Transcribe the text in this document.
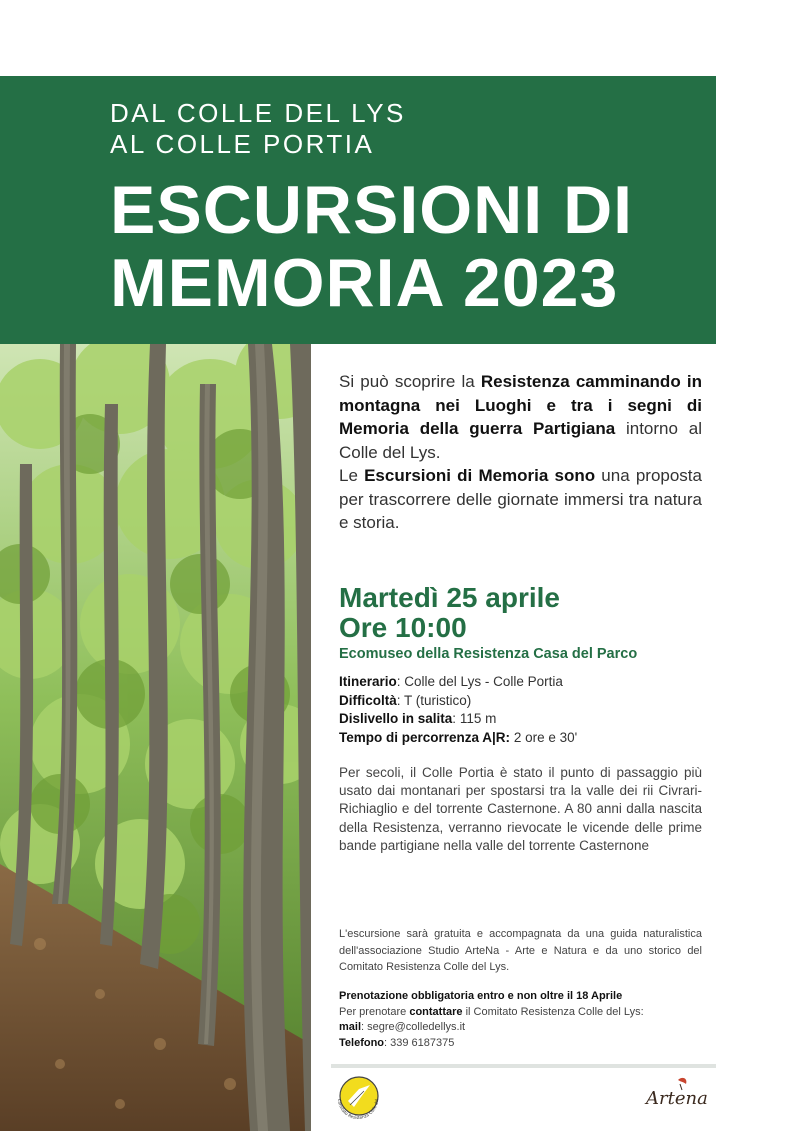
DAL COLLE DEL LYS
AL COLLE PORTIA
ESCURSIONI DI
MEMORIA 2023

Si può scoprire la Resistenza camminando in montagna nei Luoghi e tra i segni di Memoria della guerra Partigiana intorno al Colle del Lys.

Le Escursioni di Memoria sono una proposta per trascorrere delle giornate immersi tra natura e storia.

Martedì 25 aprile
Ore 10:00
Ecomuseo della Resistenza Casa del Parco
Itinerario: Colle del Lys - Colle Portia
Difficoltà: T (turistico)
Dislivello in salita: 115 m
Tempo di percorrenza A|R: 2 ore e 30'
Per secoli, il Colle Portia è stato il punto di passaggio più usato dai montanari per spostarsi tra la valle dei rii Civrari-Richiaglio e del torrente Casternone. A 80 anni dalla nascita della Resistenza, verranno rievocate le vicende delle prime bande partigiane nella valle del torrente Casternone
L'escursione sarà gratuita e accompagnata da una guida naturalistica dell'associazione Studio ArteNa - Arte e Natura e da uno storico del Comitato Resistenza Colle del Lys.
Prenotazione obbligatoria entro e non oltre il 18 Aprile
Per prenotare contattare il Comitato Resistenza Colle del Lys:
mail: segre@colledellys.it
Telefono: 339 6187375
Comitato Resistenza Colle del	Artena
